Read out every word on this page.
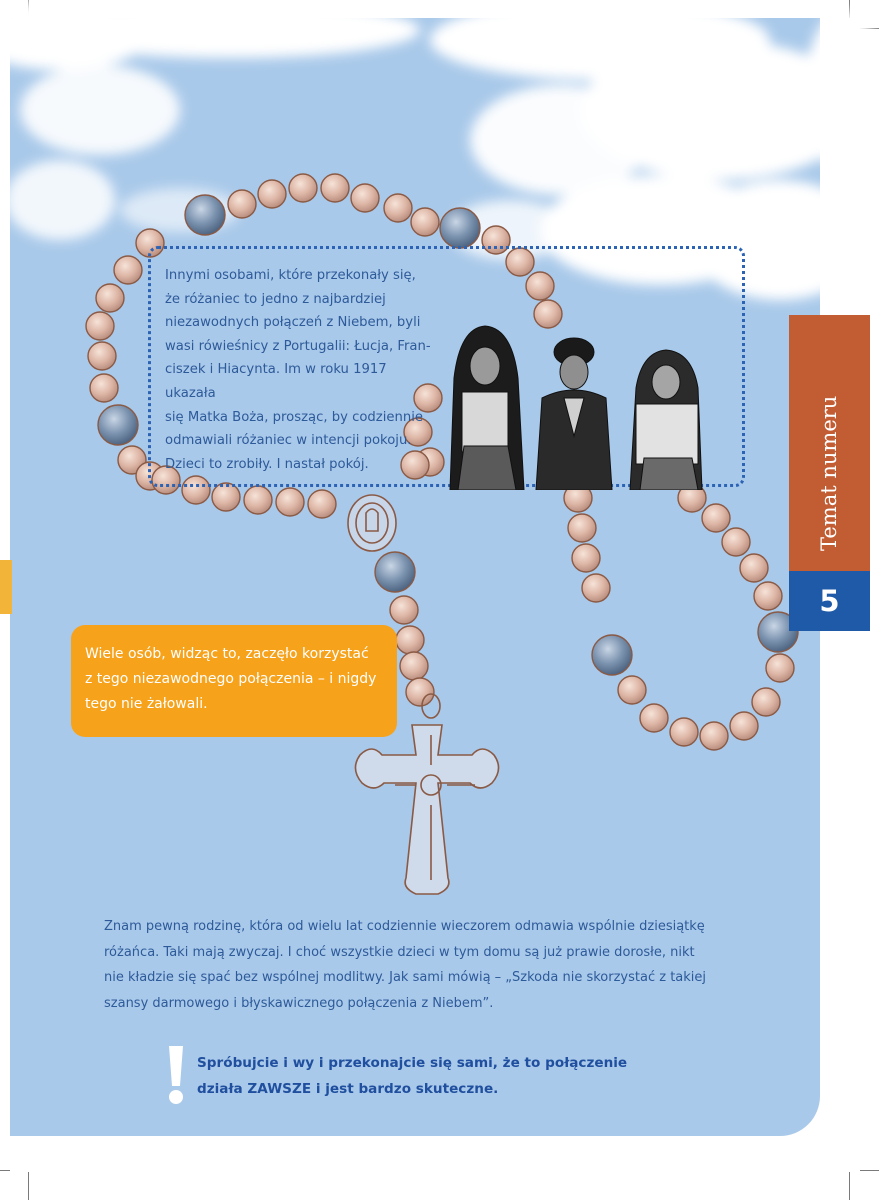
Innymi osobami, które przekonały się,
że różaniec to jedno z najbardziej
niezawodnych połączeń z Niebem, byli
wasi rówieśnicy z Portugalii: Łucja, Fran-
ciszek i Hiacynta. Im w roku 1917 ukazała
się Matka Boża, prosząc, by codziennie
odmawiali różaniec w intencji pokoju.
Dzieci to zrobiły. I nastał pokój.	Temat numeru
5
Wiele osób, widząc to, zaczęło korzystać
z tego niezawodnego połączenia – i nigdy
tego nie żałowali.
Znam pewną rodzinę, która od wielu lat codziennie wieczorem odmawia wspólnie dziesiątkę
różańca. Taki mają zwyczaj. I choć wszystkie dzieci w tym domu są już prawie dorosłe, nikt
nie kładzie się spać bez wspólnej modlitwy. Jak sami mówią – „Szkoda nie skorzystać z takiej
szansy darmowego i błyskawicznego połączenia z Niebem”.
Spróbujcie i wy i przekonajcie się sami, że to połączenie
działa ZAWSZE i jest bardzo skuteczne.
